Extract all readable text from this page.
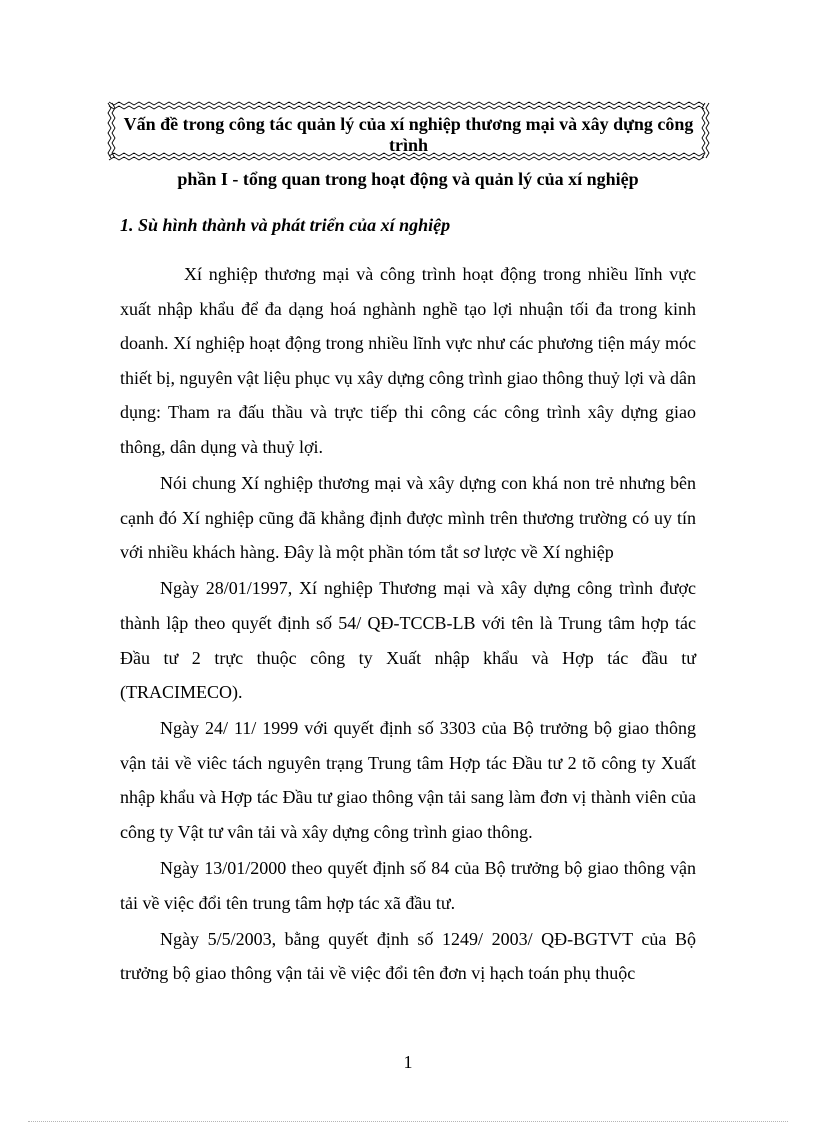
Vấn đề trong công tác quản lý của xí nghiệp thương mại và xây dựng công trình
phần I - tổng quan trong hoạt động và quản lý của xí nghiệp
1. Sù hình thành và phát triển của xí nghiệp

Xí nghiệp thương mại và công trình hoạt động trong nhiều lĩnh vực xuất nhập khẩu để đa dạng hoá nghành nghề tạo lợi nhuận tối đa trong kinh doanh. Xí nghiệp hoạt động trong nhiều lĩnh vực như các phương tiện máy móc thiết bị, nguyên vật liệu phục vụ xây dựng công trình giao thông thuỷ lợi và dân dụng: Tham ra đấu thầu và trực tiếp thi công các công trình xây dựng giao thông, dân dụng và thuỷ lợi.

Nói chung Xí nghiệp thương mại và xây dựng con khá non trẻ nhưng bên cạnh đó Xí nghiệp cũng đã khẳng định được mình trên thương trường có uy tín với nhiều khách hàng. Đây là một phần tóm tắt sơ lược về Xí nghiệp

Ngày 28/01/1997, Xí nghiệp Thương mại và xây dựng công trình được thành lập theo quyết định số 54/ QĐ-TCCB-LB với tên là Trung tâm hợp tác Đầu tư 2 trực thuộc công ty Xuất nhập khẩu và Hợp tác đầu tư (TRACIMECO).

Ngày 24/ 11/ 1999 với quyết định số 3303 của Bộ trưởng bộ giao thông vận tải về viêc tách nguyên trạng Trung tâm Hợp tác Đầu tư 2 tõ công ty Xuất nhập khẩu và Hợp tác Đầu tư giao thông vận tải sang làm đơn vị thành viên của công ty Vật tư vân tải và xây dựng công trình giao thông.

Ngày 13/01/2000 theo quyết định số 84 của Bộ trưởng bộ giao thông vận tải về việc đổi tên trung tâm hợp tác xã đầu tư.

Ngày 5/5/2003, bằng quyết định số 1249/ 2003/ QĐ-BGTVT của Bộ trưởng bộ giao thông vận tải về việc đổi tên đơn vị hạch toán phụ thuộc

1
